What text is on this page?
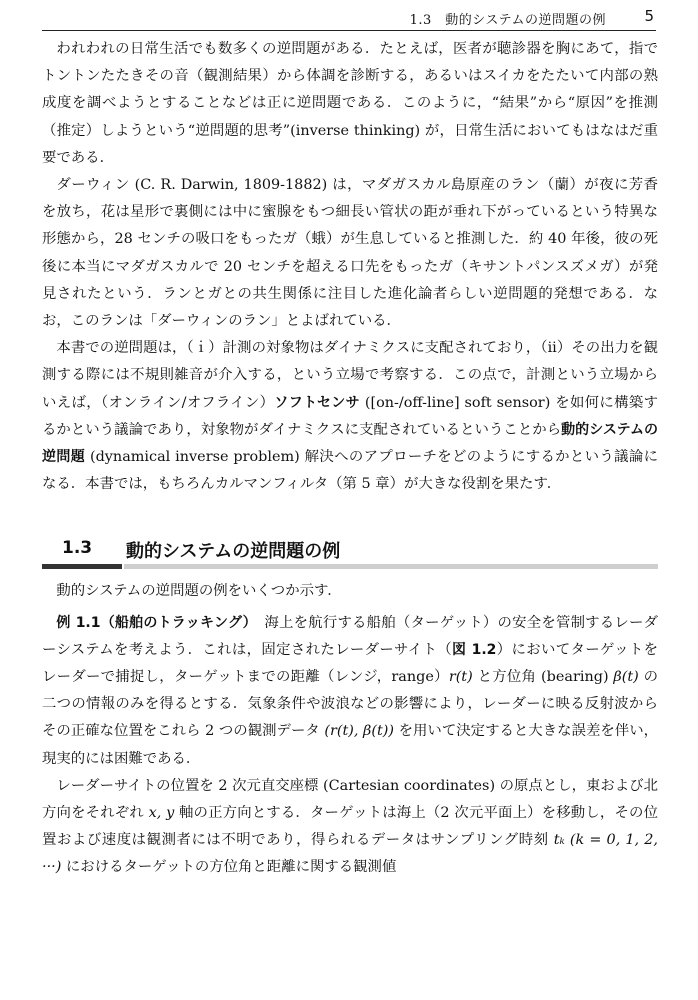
1.3　動的システムの逆問題の例	5

われわれの日常生活でも数多くの逆問題がある．たとえば，医者が聴診器を胸にあて，指でトントンたたきその音（観測結果）から体調を診断する，あるいはスイカをたたいて内部の熟成度を調べようとすることなどは正に逆問題である．このように，“結果”から“原因”を推測（推定）しようという“逆問題的思考”(inverse thinking) が，日常生活においてもはなはだ重要である．

ダーウィン (C. R. Darwin, 1809-1882) は，マダガスカル島原産のラン（蘭）が夜に芳香を放ち，花は星形で裏側には中に蜜腺をもつ細長い管状の距が垂れ下がっているという特異な形態から，28 センチの吸口をもったガ（蛾）が生息していると推測した．約 40 年後，彼の死後に本当にマダガスカルで 20 センチを超える口先をもったガ（キサントパンスズメガ）が発見されたという．ランとガとの共生関係に注目した進化論者らしい逆問題的発想である．なお，このランは「ダーウィンのラン」とよばれている．

本書での逆問題は，（ｉ）計測の対象物はダイナミクスに支配されており，（ii）その出力を観測する際には不規則雑音が介入する，という立場で考察する．この点で，計測という立場からいえば，（オンライン/オフライン）ソフトセンサ ([on-/off-line] soft sensor) を如何に構築するかという議論であり，対象物がダイナミクスに支配されているということから動的システムの逆問題 (dynamical inverse problem) 解決へのアプローチをどのようにするかという議論になる．本書では，もちろんカルマンフィルタ（第 5 章）が大きな役割を果たす．

1.3 動的システムの逆問題の例

動的システムの逆問題の例をいくつか示す．

例 1.1（船舶のトラッキング）　海上を航行する船舶（ターゲット）の安全を管制するレーダーシステムを考えよう．これは，固定されたレーダーサイト（図 1.2）においてターゲットをレーダーで捕捉し，ターゲットまでの距離（レンジ，range）r(t) と方位角 (bearing) β(t) の二つの情報のみを得るとする．気象条件や波浪などの影響により，レーダーに映る反射波からその正確な位置をこれら 2 つの観測データ (r(t), β(t)) を用いて決定すると大きな誤差を伴い，現実的には困難である．

レーダーサイトの位置を 2 次元直交座標 (Cartesian coordinates) の原点とし，東および北方向をそれぞれ x, y 軸の正方向とする．ターゲットは海上（2 次元平面上）を移動し，その位置および速度は観測者には不明であり，得られるデータはサンプリング時刻 tₖ (k = 0, 1, 2, ···) におけるターゲットの方位角と距離に関する観測値
